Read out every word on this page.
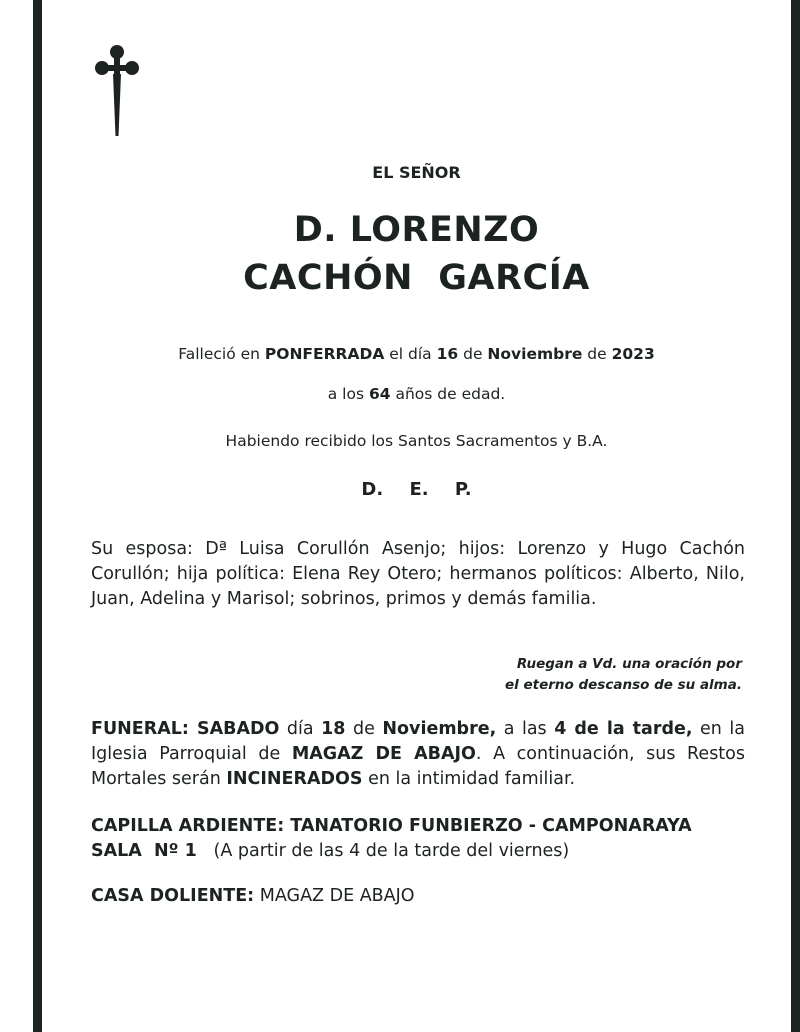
EL SEÑOR
D. LORENZO
CACHÓN  GARCÍA
Falleció en PONFERRADA el día 16 de Noviembre de 2023
a los 64 años de edad.
Habiendo recibido los Santos Sacramentos y B.A.
D. E. P.
Su esposa: Dª Luisa Corullón Asenjo; hijos: Lorenzo y Hugo Cachón Corullón; hija política: Elena Rey Otero; hermanos políticos: Alberto, Nilo, Juan, Adelina y Marisol; sobrinos, primos y demás familia.
Ruegan a Vd. una oración por
el eterno descanso de su alma.
FUNERAL: SABADO día 18 de Noviembre, a las 4 de la tarde, en la Iglesia Parroquial de MAGAZ DE ABAJO. A continuación, sus Restos Mortales serán INCINERADOS en la intimidad familiar.
CAPILLA ARDIENTE: TANATORIO FUNBIERZO - CAMPONARAYA
SALA  Nº 1   (A partir de las 4 de la tarde del viernes)
CASA DOLIENTE: MAGAZ DE ABAJO
